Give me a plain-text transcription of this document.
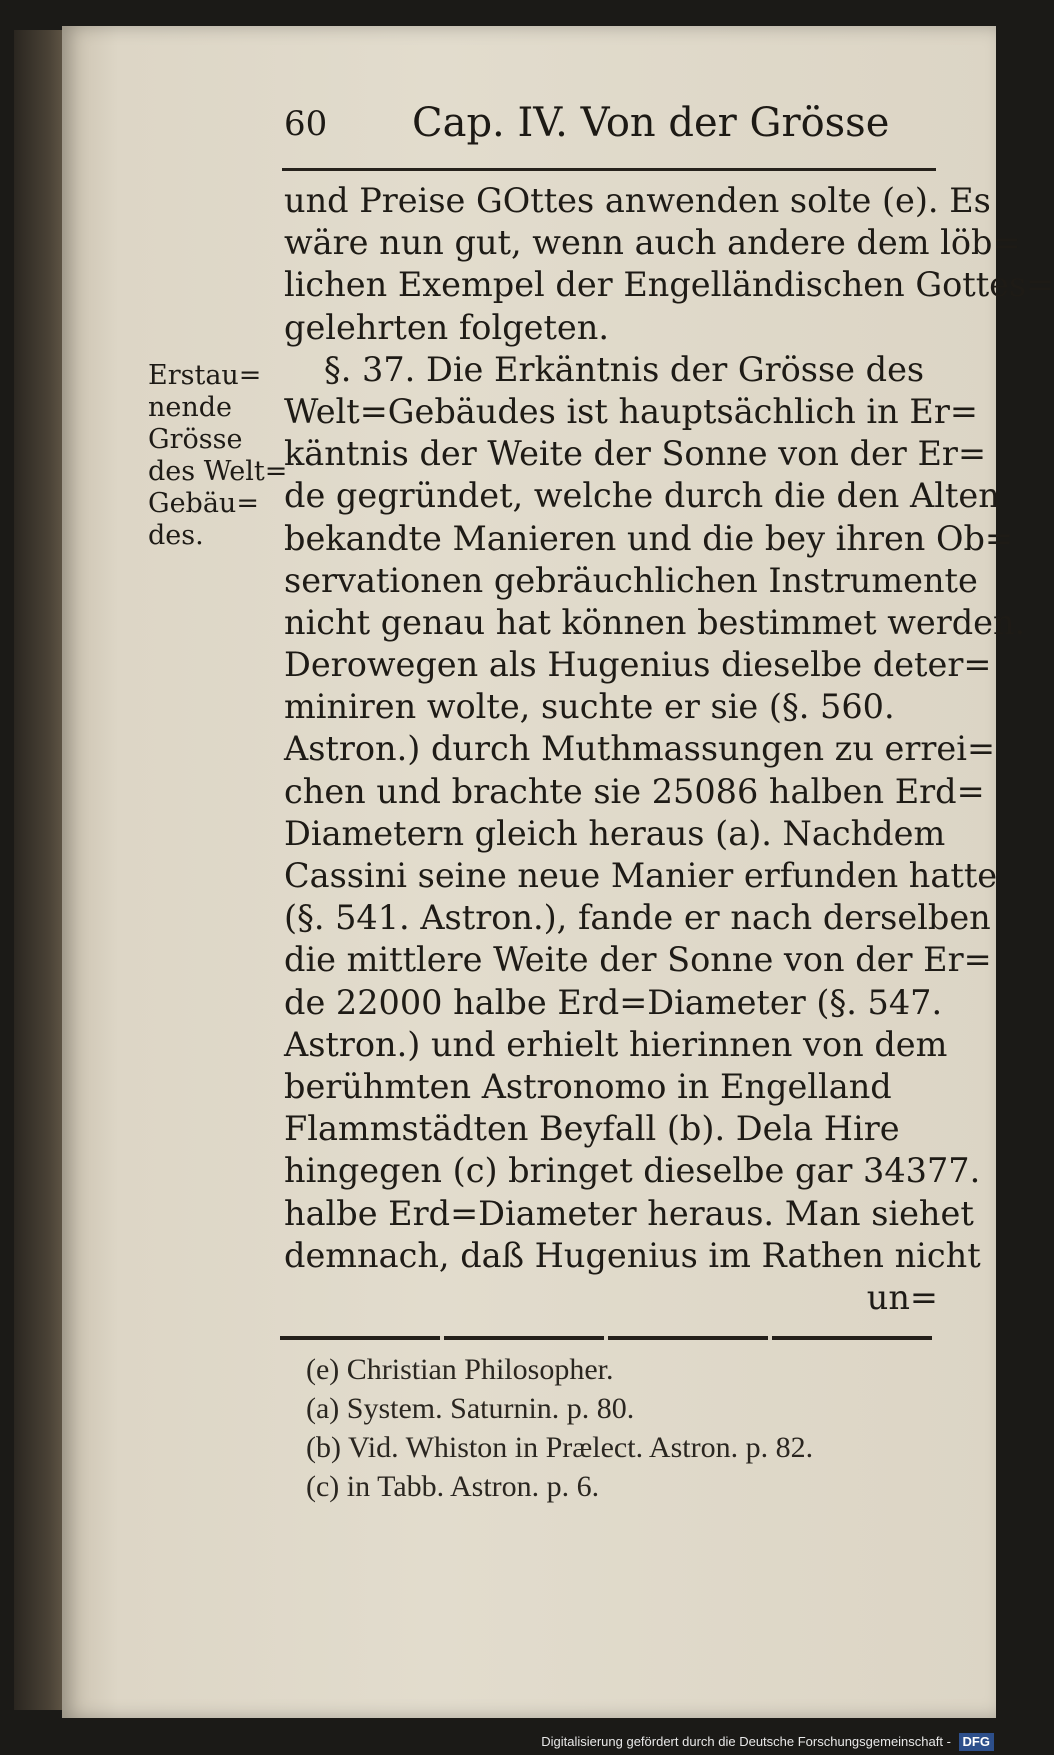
60 Cap. IV. Von der Grösse
Erstau=
nende
Grösse
des Welt=
Gebäu=
des.
und Preise GOttes anwenden solte (e). Es
wäre nun gut, wenn auch andere dem löb=
lichen Exempel der Engelländischen Gottes=
gelehrten folgeten.
§. 37. Die Erkäntnis der Grösse des
Welt=Gebäudes ist hauptsächlich in Er=
käntnis der Weite der Sonne von der Er=
de gegründet, welche durch die den Alten
bekandte Manieren und die bey ihren Ob=
servationen gebräuchlichen Instrumente
nicht genau hat können bestimmet werden.
Derowegen als Hugenius dieselbe deter=
miniren wolte, suchte er sie (§. 560.
Astron.) durch Muthmassungen zu errei=
chen und brachte sie 25086 halben Erd=
Diametern gleich heraus (a). Nachdem
Cassini seine neue Manier erfunden hatte
(§. 541. Astron.), fande er nach derselben
die mittlere Weite der Sonne von der Er=
de 22000 halbe Erd=Diameter (§. 547.
Astron.) und erhielt hierinnen von dem
berühmten Astronomo in Engelland
Flammstädten Beyfall (b). Dela Hire
hingegen (c) bringet dieselbe gar 34377.
halbe Erd=Diameter heraus. Man siehet
demnach, daß Hugenius im Rathen nicht
un=
(e) Christian Philosopher.
(a) System. Saturnin. p. 80.
(b) Vid. Whiston in Prælect. Astron. p. 82.
(c) in Tabb. Astron. p. 6.
Digitalisierung gefördert durch die Deutsche Forschungsgemeinschaft - DFG
